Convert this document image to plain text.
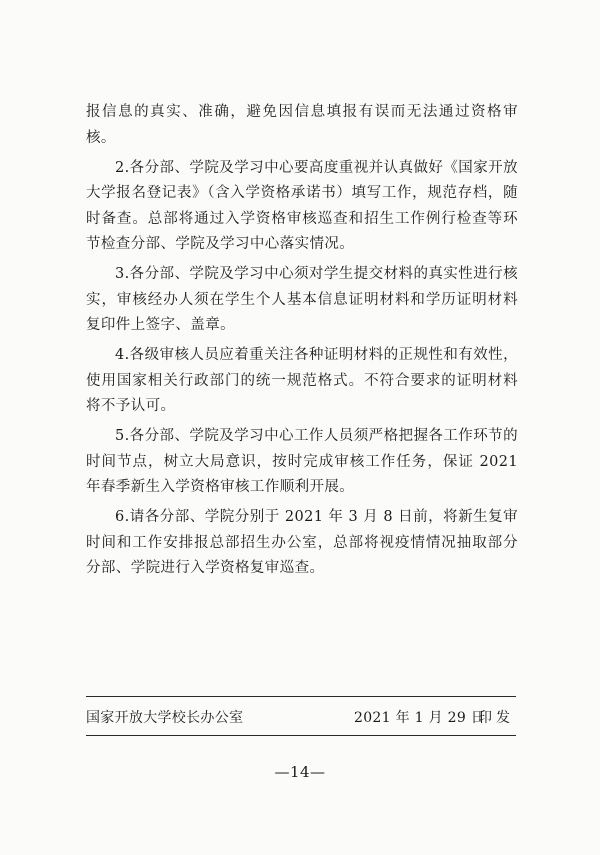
报信息的真实、准确，避免因信息填报有误而无法通过资格审核。

2.各分部、学院及学习中心要高度重视并认真做好《国家开放大学报名登记表》（含入学资格承诺书）填写工作，规范存档，随时备查。总部将通过入学资格审核巡查和招生工作例行检查等环节检查分部、学院及学习中心落实情况。

3.各分部、学院及学习中心须对学生提交材料的真实性进行核实，审核经办人须在学生个人基本信息证明材料和学历证明材料复印件上签字、盖章。

4.各级审核人员应着重关注各种证明材料的正规性和有效性，使用国家相关行政部门的统一规范格式。不符合要求的证明材料将不予认可。

5.各分部、学院及学习中心工作人员须严格把握各工作环节的时间节点，树立大局意识，按时完成审核工作任务，保证 2021 年春季新生入学资格审核工作顺利开展。

6.请各分部、学院分别于 2021 年 3 月 8 日前，将新生复审时间和工作安排报总部招生办公室，总部将视疫情情况抽取部分分部、学院进行入学资格复审巡查。

国家开放大学校长办公室	2021 年 1 月 29 日
印发
—14—
